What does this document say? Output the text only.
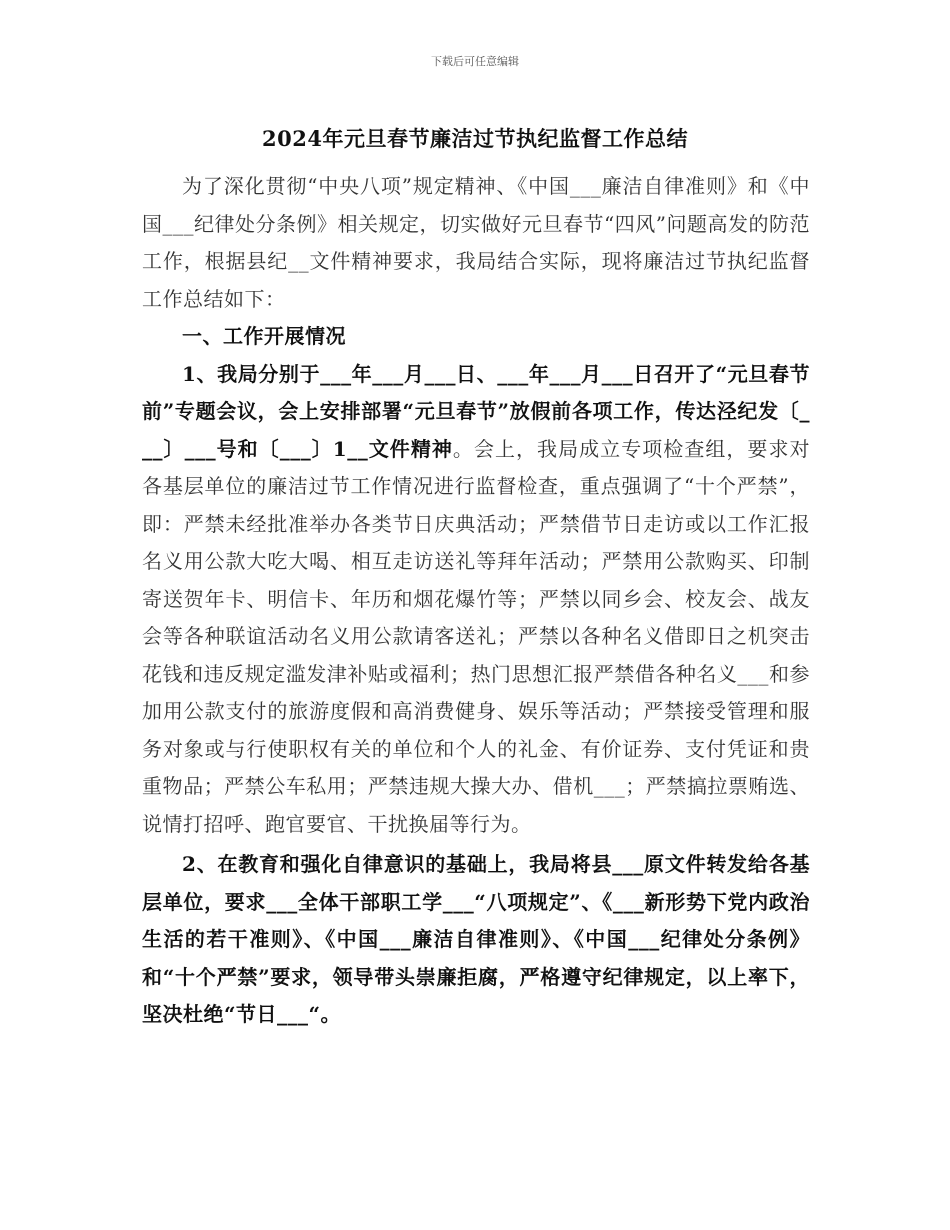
下载后可任意编辑
2024年元旦春节廉洁过节执纪监督工作总结

为了深化贯彻“中央八项”规定精神、《中国___廉洁自律准则》和《中国___纪律处分条例》相关规定，切实做好元旦春节“四风”问题高发的防范工作，根据县纪__文件精神要求，我局结合实际，现将廉洁过节执纪监督工作总结如下：

一、工作开展情况

1、我局分别于___年___月___日、___年___月___日召开了“元旦春节前”专题会议，会上安排部署“元旦春节”放假前各项工作，传达泾纪发〔___〕___号和〔___〕1__文件精神。会上，我局成立专项检查组，要求对各基层单位的廉洁过节工作情况进行监督检查，重点强调了“十个严禁”，即：严禁未经批准举办各类节日庆典活动；严禁借节日走访或以工作汇报名义用公款大吃大喝、相互走访送礼等拜年活动；严禁用公款购买、印制寄送贺年卡、明信卡、年历和烟花爆竹等；严禁以同乡会、校友会、战友会等各种联谊活动名义用公款请客送礼；严禁以各种名义借即日之机突击花钱和违反规定滥发津补贴或福利；热门思想汇报严禁借各种名义___和参加用公款支付的旅游度假和高消费健身、娱乐等活动；严禁接受管理和服务对象或与行使职权有关的单位和个人的礼金、有价证券、支付凭证和贵重物品；严禁公车私用；严禁违规大操大办、借机___；严禁搞拉票贿选、说情打招呼、跑官要官、干扰换届等行为。

2、在教育和强化自律意识的基础上，我局将县___原文件转发给各基层单位，要求___全体干部职工学___“八项规定”、《___新形势下党内政治生活的若干准则》、《中国___廉洁自律准则》、《中国___纪律处分条例》和“十个严禁”要求，领导带头崇廉拒腐，严格遵守纪律规定，以上率下，坚决杜绝“节日___“。
